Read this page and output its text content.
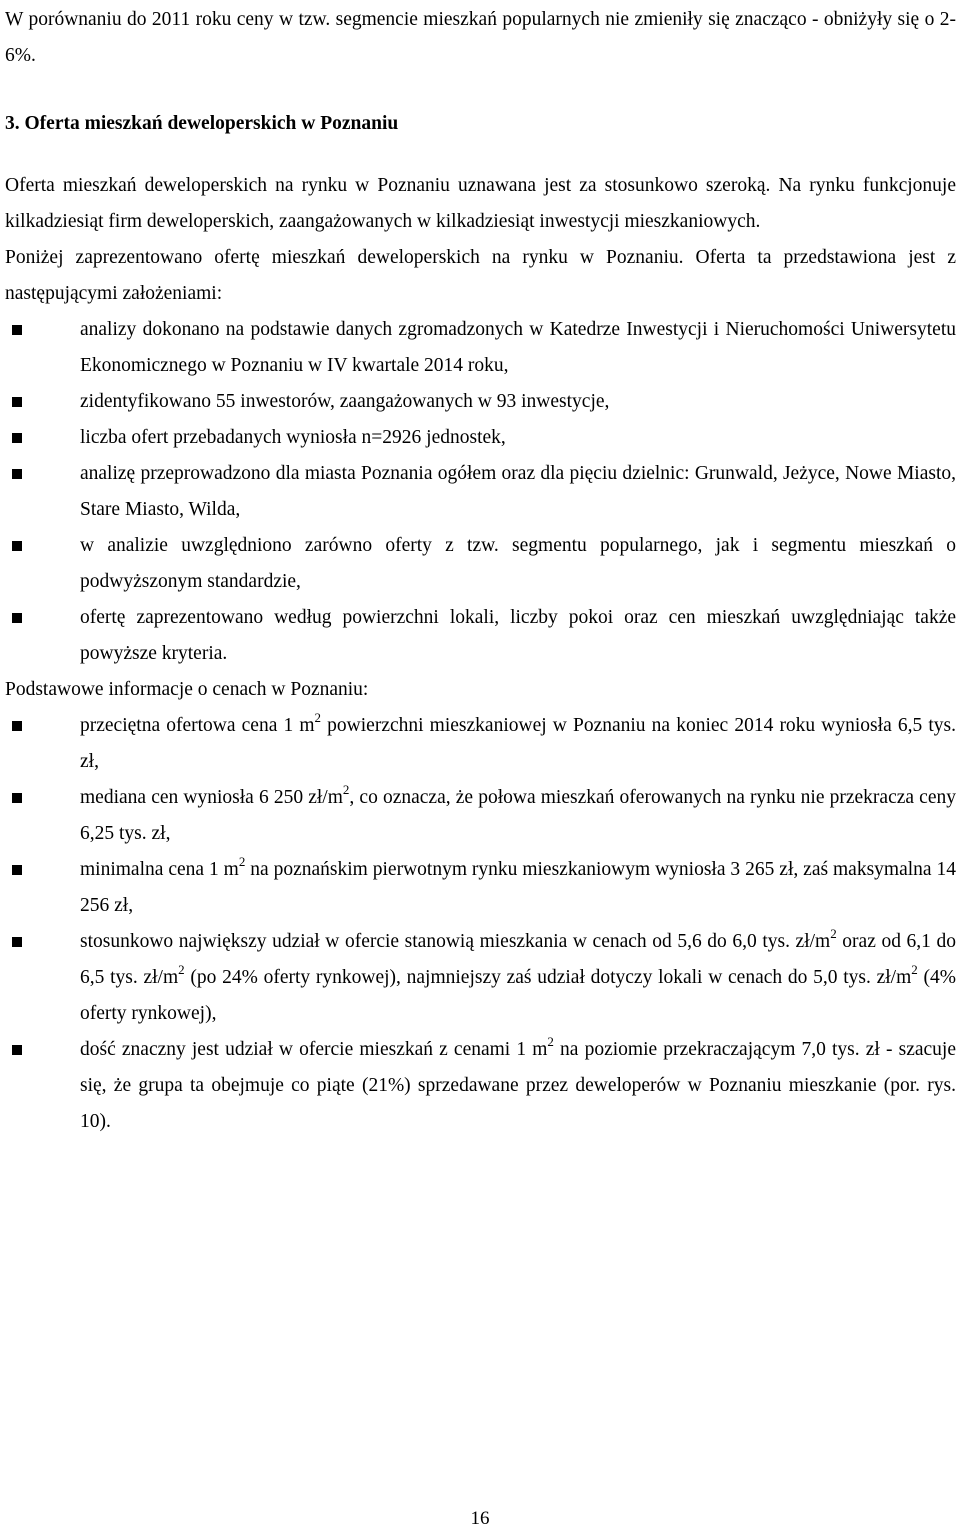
W porównaniu do 2011 roku ceny w tzw. segmencie mieszkań popularnych nie zmieniły się znacząco - obniżyły się o 2-6%.

3. Oferta mieszkań deweloperskich w Poznaniu

Oferta mieszkań deweloperskich na rynku w Poznaniu uznawana jest za stosunkowo szeroką. Na rynku funkcjonuje kilkadziesiąt firm deweloperskich, zaangażowanych w kilkadziesiąt inwestycji mieszkaniowych.

Poniżej zaprezentowano ofertę mieszkań deweloperskich na rynku w Poznaniu. Oferta ta przedstawiona jest z następującymi założeniami:

analizy dokonano na podstawie danych zgromadzonych w Katedrze Inwestycji i Nieruchomości Uniwersytetu Ekonomicznego w Poznaniu w IV kwartale 2014 roku,
zidentyfikowano 55 inwestorów, zaangażowanych w 93 inwestycje,
liczba ofert przebadanych wyniosła n=2926 jednostek,
analizę przeprowadzono dla miasta Poznania ogółem oraz dla pięciu dzielnic: Grunwald, Jeżyce, Nowe Miasto, Stare Miasto, Wilda,
w analizie uwzględniono zarówno oferty z tzw. segmentu popularnego, jak i segmentu mieszkań o podwyższonym standardzie,
ofertę zaprezentowano według powierzchni lokali, liczby pokoi oraz cen mieszkań uwzględniając także powyższe kryteria.

Podstawowe informacje o cenach w Poznaniu:

przeciętna ofertowa cena 1 $m^2$ powierzchni mieszkaniowej w Poznaniu na koniec 2014 roku wyniosła 6,5 tys. zł,
mediana cen wyniosła 6 250 $zł/m^2$, co oznacza, że połowa mieszkań oferowanych na rynku nie przekracza ceny 6,25 tys. zł,
minimalna cena 1 $m^2$ na poznańskim pierwotnym rynku mieszkaniowym wyniosła 3 265 zł, zaś maksymalna 14 256 zł,
stosunkowo największy udział w ofercie stanowią mieszkania w cenach od 5,6 do 6,0 tys. $zł/m^2$ oraz od 6,1 do 6,5 tys. $zł/m^2$ (po 24% oferty rynkowej), najmniejszy zaś udział dotyczy lokali w cenach do 5,0 tys. $zł/m^2$ (4% oferty rynkowej),
dość znaczny jest udział w ofercie mieszkań z cenami 1 $m^2$ na poziomie przekraczającym 7,0 tys. zł - szacuje się, że grupa ta obejmuje co piąte (21%) sprzedawane przez deweloperów w Poznaniu mieszkanie (por. rys. 10).
16
